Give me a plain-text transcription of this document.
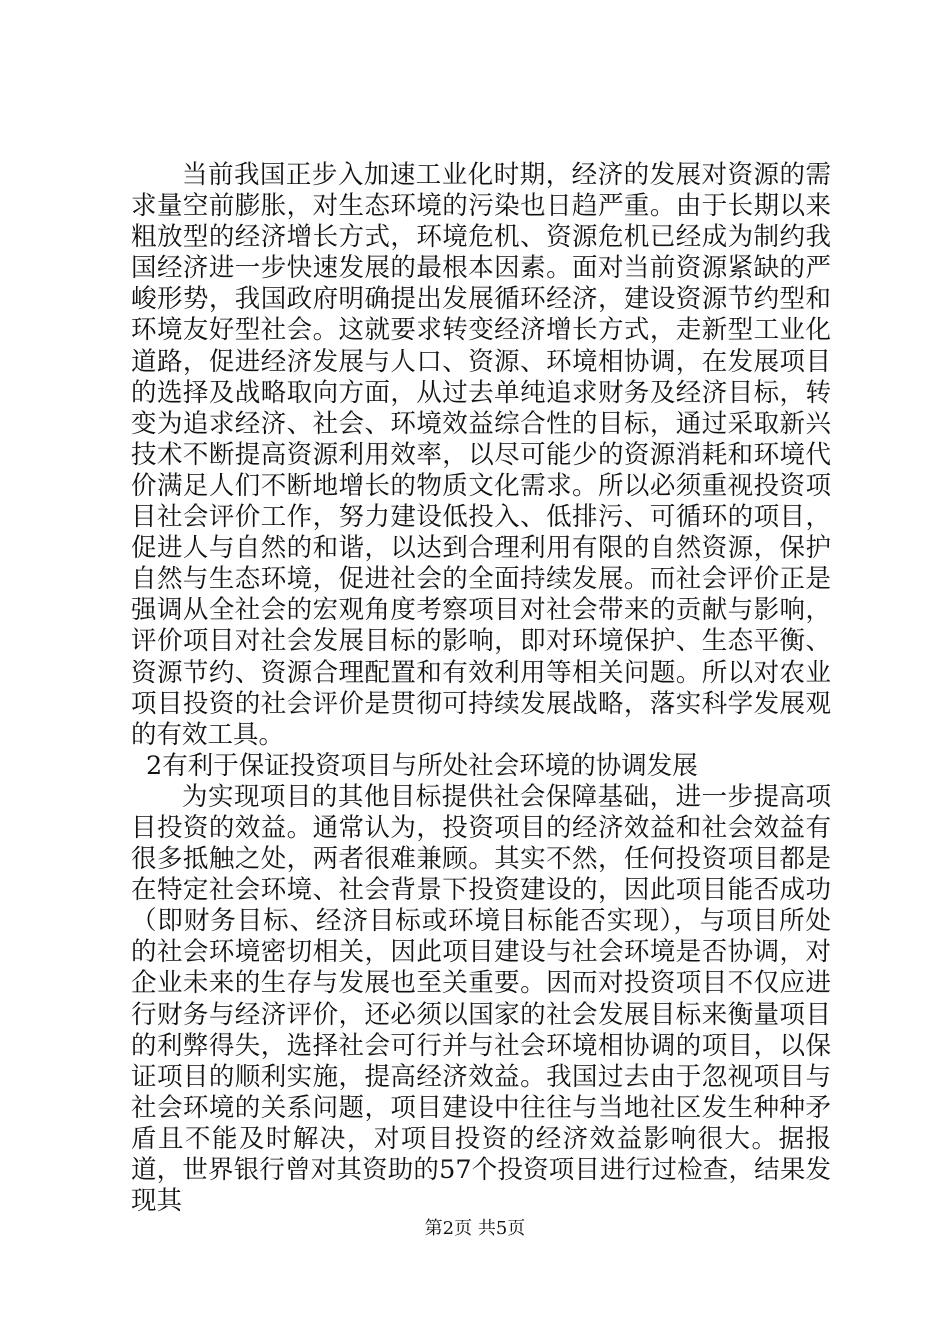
当前我国正步入加速工业化时期，经济的发展对资源的需求量空前膨胀，对生态环境的污染也日趋严重。由于长期以来粗放型的经济增长方式，环境危机、资源危机已经成为制约我国经济进一步快速发展的最根本因素。面对当前资源紧缺的严峻形势，我国政府明确提出发展循环经济，建设资源节约型和环境友好型社会。这就要求转变经济增长方式，走新型工业化道路，促进经济发展与人口、资源、环境相协调，在发展项目的选择及战略取向方面，从过去单纯追求财务及经济目标，转变为追求经济、社会、环境效益综合性的目标，通过采取新兴技术不断提高资源利用效率，以尽可能少的资源消耗和环境代价满足人们不断地增长的物质文化需求。所以必须重视投资项目社会评价工作，努力建设低投入、低排污、可循环的项目，促进人与自然的和谐，以达到合理利用有限的自然资源，保护自然与生态环境，促进社会的全面持续发展。而社会评价正是强调从全社会的宏观角度考察项目对社会带来的贡献与影响，评价项目对社会发展目标的影响，即对环境保护、生态平衡、资源节约、资源合理配置和有效利用等相关问题。所以对农业项目投资的社会评价是贯彻可持续发展战略，落实科学发展观的有效工具。

2有利于保证投资项目与所处社会环境的协调发展

为实现项目的其他目标提供社会保障基础，进一步提高项目投资的效益。通常认为，投资项目的经济效益和社会效益有很多抵触之处，两者很难兼顾。其实不然，任何投资项目都是在特定社会环境、社会背景下投资建设的，因此项目能否成功（即财务目标、经济目标或环境目标能否实现），与项目所处的社会环境密切相关，因此项目建设与社会环境是否协调，对企业未来的生存与发展也至关重要。因而对投资项目不仅应进行财务与经济评价，还必须以国家的社会发展目标来衡量项目的利弊得失，选择社会可行并与社会环境相协调的项目，以保证项目的顺利实施，提高经济效益。我国过去由于忽视项目与社会环境的关系问题，项目建设中往往与当地社区发生种种矛盾且不能及时解决，对项目投资的经济效益影响很大。据报道，世界银行曾对其资助的57个投资项目进行过检查，结果发现其

第2页 共5页
